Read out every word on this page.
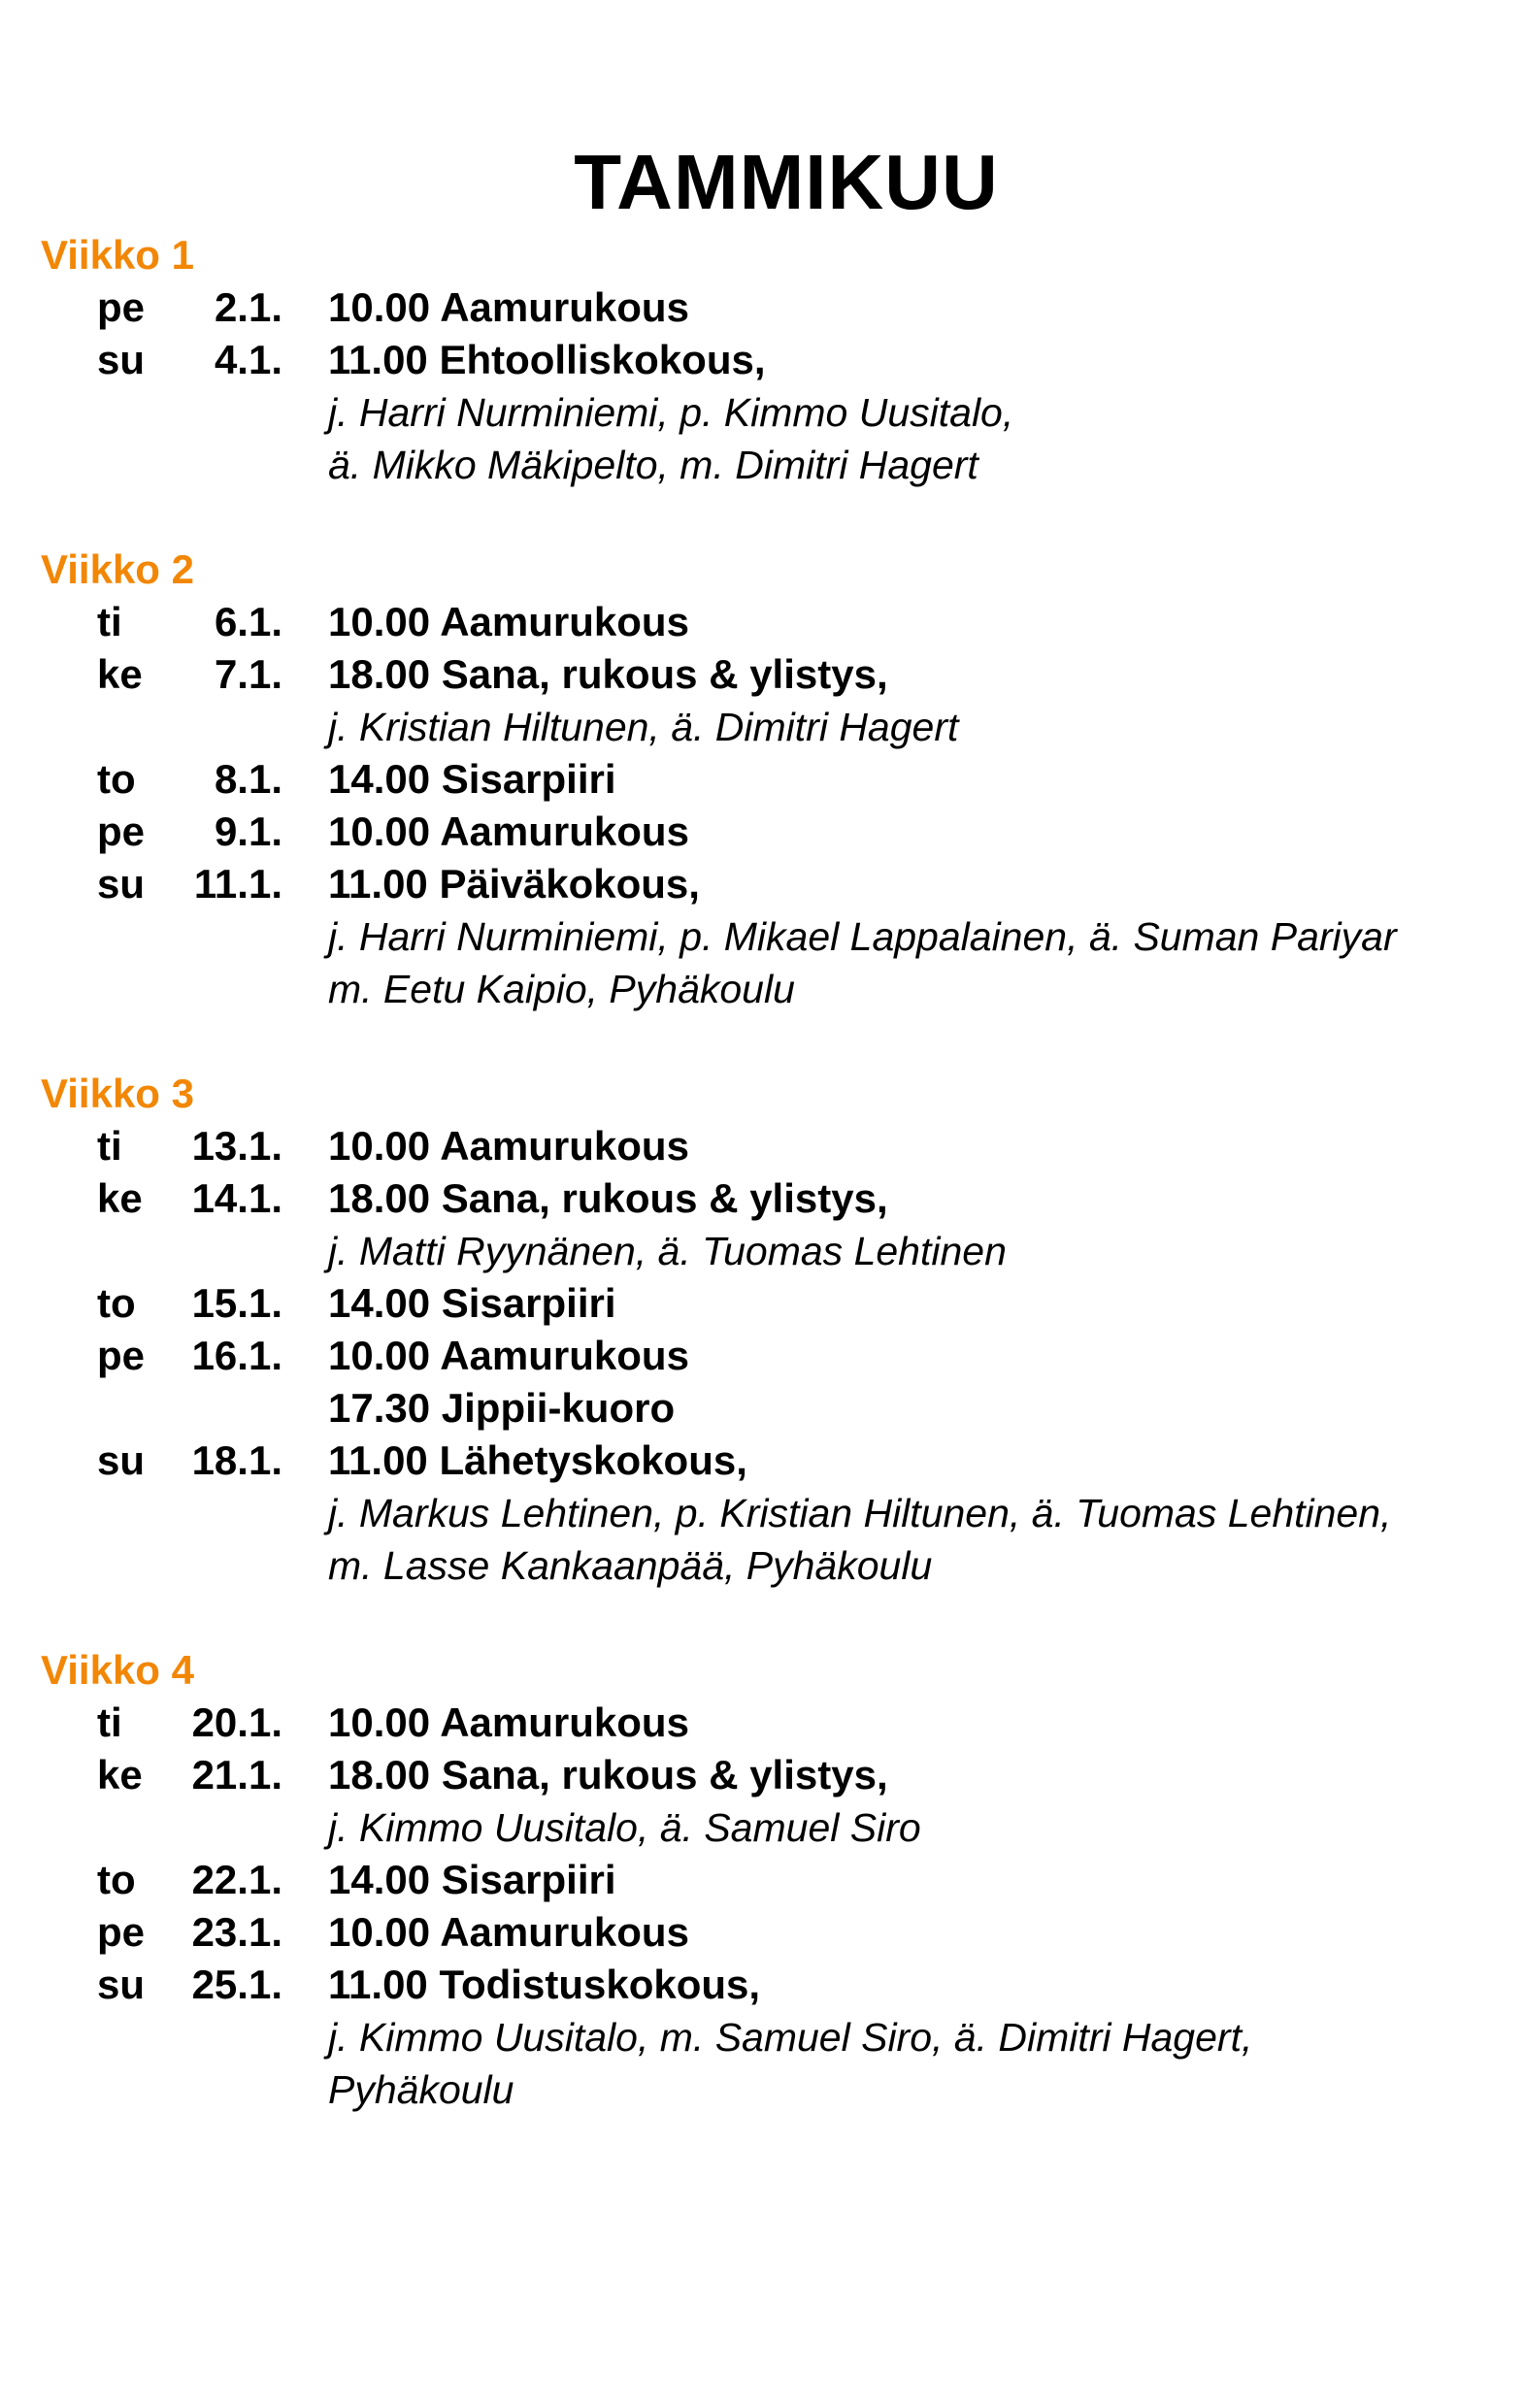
TAMMIKUU
Viikko 1
pe 2.1. 10.00 Aamurukous
su 4.1. 11.00 Ehtoolliskokous,
j. Harri Nurminiemi, p. Kimmo Uusitalo,
ä. Mikko Mäkipelto, m. Dimitri Hagert
Viikko 2
ti 6.1. 10.00 Aamurukous
ke 7.1. 18.00 Sana, rukous & ylistys,
j. Kristian Hiltunen, ä. Dimitri Hagert
to 8.1. 14.00 Sisarpiiri
pe 9.1. 10.00 Aamurukous
su 11.1. 11.00 Päiväkokous,
j. Harri Nurminiemi, p. Mikael Lappalainen, ä. Suman Pariyar
m. Eetu Kaipio, Pyhäkoulu
Viikko 3
ti 13.1. 10.00 Aamurukous
ke 14.1. 18.00 Sana, rukous & ylistys,
j. Matti Ryynänen, ä. Tuomas Lehtinen
to 15.1. 14.00 Sisarpiiri
pe 16.1. 10.00 Aamurukous
17.30 Jippii-kuoro
su 18.1. 11.00 Lähetyskokous,
j. Markus Lehtinen, p. Kristian Hiltunen, ä. Tuomas Lehtinen,
m. Lasse Kankaanpää, Pyhäkoulu
Viikko 4
ti 20.1. 10.00 Aamurukous
ke 21.1. 18.00 Sana, rukous & ylistys,
j. Kimmo Uusitalo, ä. Samuel Siro
to 22.1. 14.00 Sisarpiiri
pe 23.1. 10.00 Aamurukous
su 25.1. 11.00 Todistuskokous,
j. Kimmo Uusitalo, m. Samuel Siro, ä. Dimitri Hagert,
Pyhäkoulu
